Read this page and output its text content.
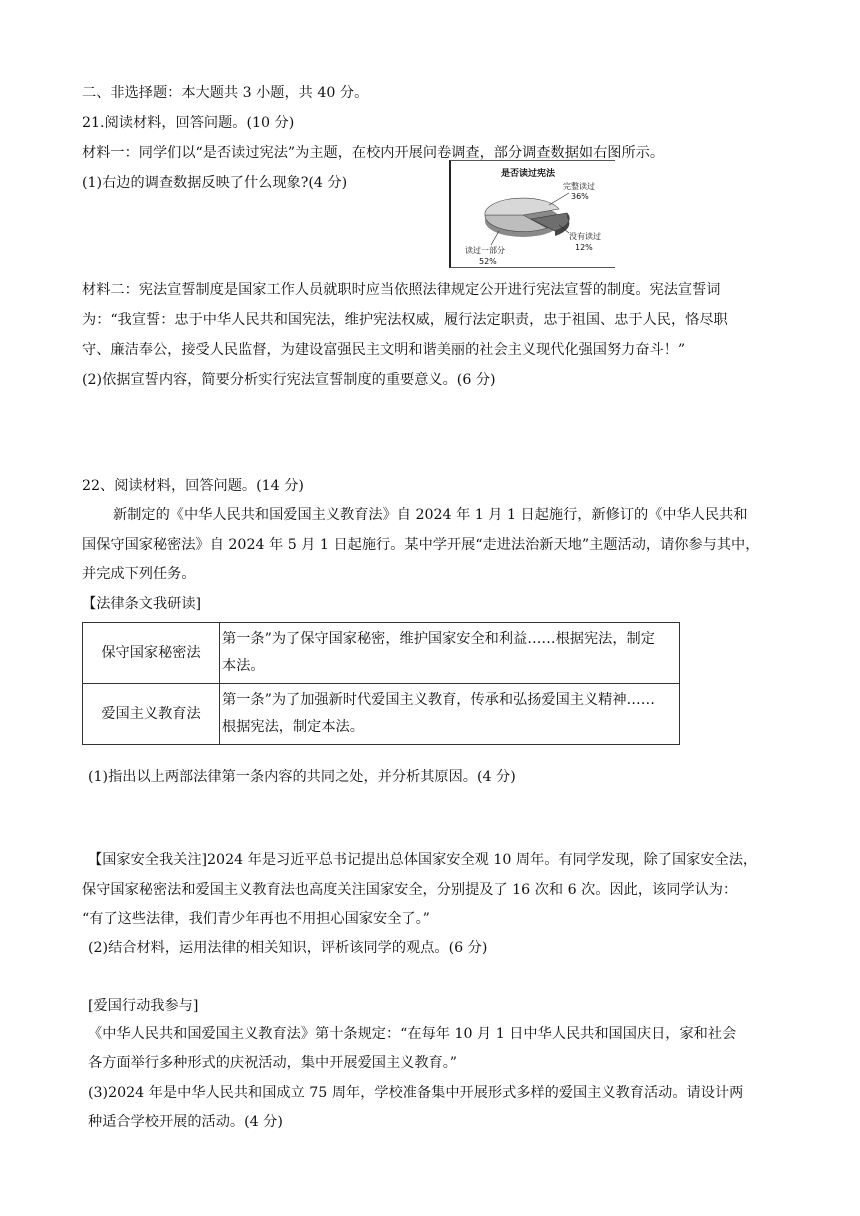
二、非选择题：本大题共 3 小题，共 40 分。
21.阅读材料，回答问题。(10 分)
材料一：同学们以“是否读过宪法”为主题，在校内开展问卷调查，部分调查数据如右图所示。
(1)右边的调查数据反映了什么现象?(4 分)
是否读过宪法
完整读过
36%
没有读过
12%
读过一部分
52%
材料二：宪法宣誓制度是国家工作人员就职时应当依照法律规定公开进行宪法宣誓的制度。宪法宣誓词
为：“我宣誓：忠于中华人民共和国宪法，维护宪法权威，履行法定职责，忠于祖国、忠于人民，恪尽职
守、廉洁奉公，接受人民监督，为建设富强民主文明和谐美丽的社会主义现代化强国努力奋斗！”
(2)依据宣誓内容，简要分析实行宪法宣誓制度的重要意义。(6 分)
22、阅读材料，回答问题。(14 分)
新制定的《中华人民共和国爱国主义教育法》自 2024 年 1 月 1 日起施行，新修订的《中华人民共和
国保守国家秘密法》自 2024 年 5 月 1 日起施行。某中学开展“走进法治新天地”主题活动，请你参与其中，
并完成下列任务。
【法律条文我研读]
保守国家秘密法	第一条”为了保守国家秘密，维护国家安全和利益……根据宪法，制定
本法。

爱国主义教育法	第一条”为了加强新时代爱国主义教育，传承和弘扬爱国主义精神……
根据宪法，制定本法。
(1)指出以上两部法律第一条内容的共同之处，并分析其原因。(4 分)
【国家安全我关注]2024 年是习近平总书记提出总体国家安全观 10 周年。有同学发现，除了国家安全法，
保守国家秘密法和爱国主义教育法也高度关注国家安全，分别提及了 16 次和 6 次。因此，该同学认为：
“有了这些法律，我们青少年再也不用担心国家安全了。”
(2)结合材料，运用法律的相关知识，评析该同学的观点。(6 分)
[爱国行动我参与]
《中华人民共和国爱国主义教育法》第十条规定：“在每年 10 月 1 日中华人民共和国国庆日，家和社会
各方面举行多种形式的庆祝活动，集中开展爱国主义教育。”
(3)2024 年是中华人民共和国成立 75 周年，学校准备集中开展形式多样的爱国主义教育活动。请设计两
种适合学校开展的活动。(4 分)
